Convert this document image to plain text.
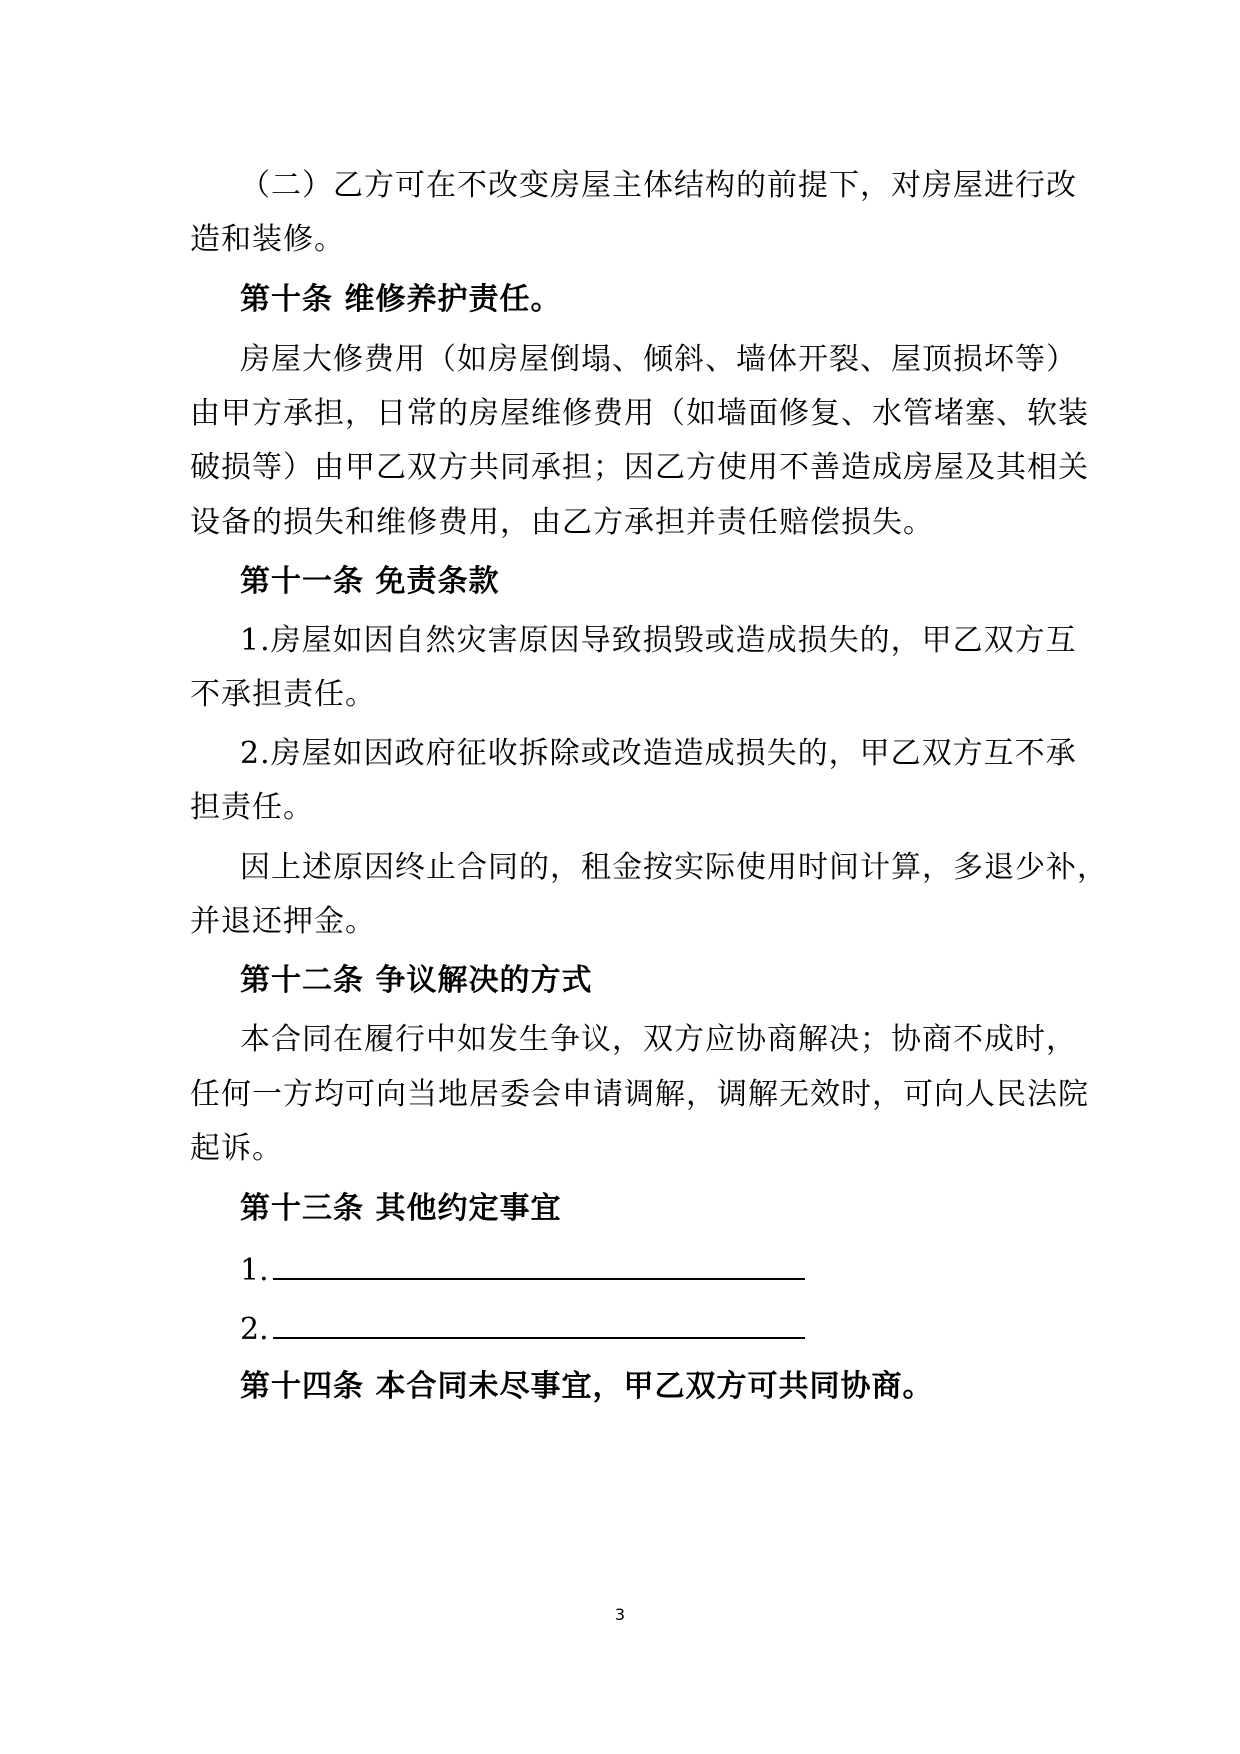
（二）乙方可在不改变房屋主体结构的前提下，对房屋进行改
造和装修。
第十条 维修养护责任。
房屋大修费用（如房屋倒塌、倾斜、墙体开裂、屋顶损坏等）
由甲方承担，日常的房屋维修费用（如墙面修复、水管堵塞、软装
破损等）由甲乙双方共同承担；因乙方使用不善造成房屋及其相关
设备的损失和维修费用，由乙方承担并责任赔偿损失。
第十一条 免责条款
1.房屋如因自然灾害原因导致损毁或造成损失的，甲乙双方互
不承担责任。
2.房屋如因政府征收拆除或改造造成损失的，甲乙双方互不承
担责任。
因上述原因终止合同的，租金按实际使用时间计算，多退少补，
并退还押金。
第十二条 争议解决的方式
本合同在履行中如发生争议，双方应协商解决；协商不成时，
任何一方均可向当地居委会申请调解，调解无效时，可向人民法院
起诉。
第十三条 其他约定事宜
1.
2.
第十四条 本合同未尽事宜，甲乙双方可共同协商。
3
